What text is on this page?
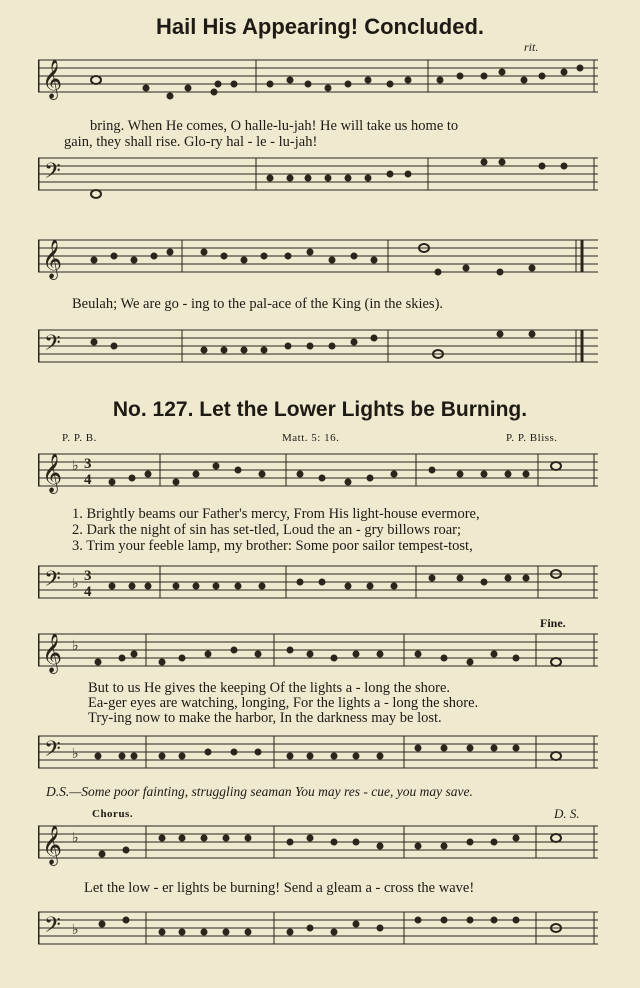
Hail His Appearing! Concluded.
𝄞
rit.
bring. When He comes, O halle-lu-jah! He will take us home to
gain, they shall rise. Glo-ry hal - le - lu-jah!
𝄢
𝄞
Beulah; We are go - ing to the pal-ace of the King (in the skies).
𝄢
No. 127. Let the Lower Lights be Burning.
P. P. B.	Matt. 5: 16.	P. P. Bliss.
𝄞 ♭ 3
4
1. Brightly beams our Father's mercy, From His light-house evermore,
2. Dark the night of sin has set-tled, Loud the an - gry billows roar;
3. Trim your feeble lamp, my brother: Some poor sailor tempest-tost,
𝄢 ♭
3
4
Fine.
𝄞 ♭
But to us He gives the keeping Of the lights a - long the shore.
Ea-ger eyes are watching, longing, For the lights a - long the shore.
Try-ing now to make the harbor, In the darkness may be lost.
𝄢 ♭
D.S.—Some poor fainting, struggling seaman You may res - cue, you may save.
Chorus.	D. S.
𝄞 ♭
Let the low - er lights be burning! Send a gleam a - cross the wave!
𝄢 ♭
